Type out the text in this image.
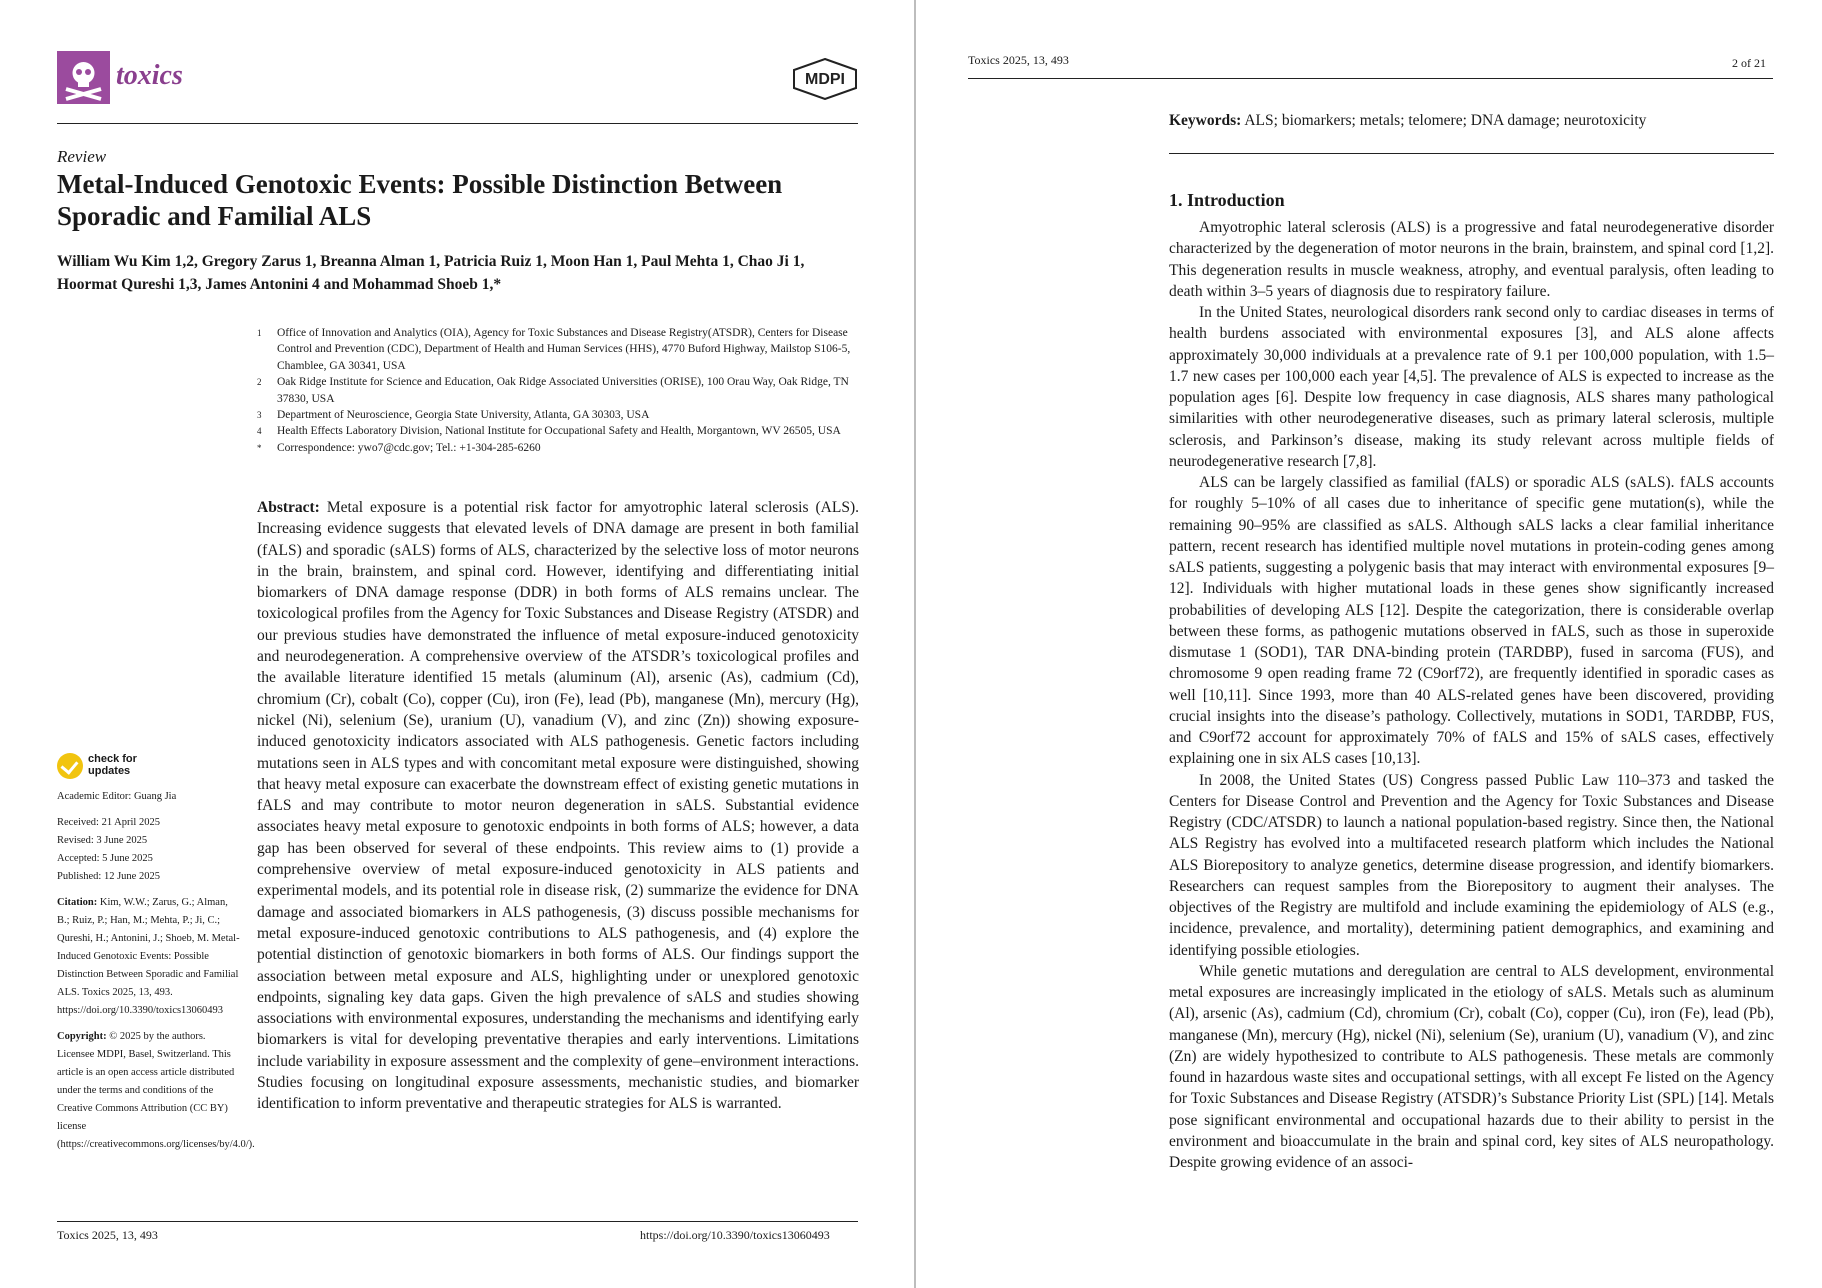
toxics	MDPI
Review
Metal-Induced Genotoxic Events: Possible Distinction Between Sporadic and Familial ALS
William Wu Kim 1,2, Gregory Zarus 1, Breanna Alman 1, Patricia Ruiz 1, Moon Han 1, Paul Mehta 1, Chao Ji 1,
Hoormat Qureshi 1,3, James Antonini 4 and Mohammad Shoeb 1,*
1	Office of Innovation and Analytics (OIA), Agency for Toxic Substances and Disease Registry(ATSDR), Centers for Disease Control and Prevention (CDC), Department of Health and Human Services (HHS), 4770 Buford Highway, Mailstop S106-5, Chamblee, GA 30341, USA
2	Oak Ridge Institute for Science and Education, Oak Ridge Associated Universities (ORISE), 100 Orau Way, Oak Ridge, TN 37830, USA
3	Department of Neuroscience, Georgia State University, Atlanta, GA 30303, USA
4	Health Effects Laboratory Division, National Institute for Occupational Safety and Health, Morgantown, WV 26505, USA
*	Correspondence: ywo7@cdc.gov; Tel.: +1-304-285-6260
Abstract: Metal exposure is a potential risk factor for amyotrophic lateral sclerosis (ALS). Increasing evidence suggests that elevated levels of DNA damage are present in both familial (fALS) and sporadic (sALS) forms of ALS, characterized by the selective loss of motor neurons in the brain, brainstem, and spinal cord. However, identifying and differentiating initial biomarkers of DNA damage response (DDR) in both forms of ALS remains unclear. The toxicological profiles from the Agency for Toxic Substances and Disease Registry (ATSDR) and our previous studies have demonstrated the influence of metal exposure-induced genotoxicity and neurodegeneration. A comprehensive overview of the ATSDR’s toxicological profiles and the available literature identified 15 metals (aluminum (Al), arsenic (As), cadmium (Cd), chromium (Cr), cobalt (Co), copper (Cu), iron (Fe), lead (Pb), manganese (Mn), mercury (Hg), nickel (Ni), selenium (Se), uranium (U), vanadium (V), and zinc (Zn)) showing exposure-induced genotoxicity indicators associated with ALS pathogenesis. Genetic factors including mutations seen in ALS types and with concomitant metal exposure were distinguished, showing that heavy metal exposure can exacerbate the downstream effect of existing genetic mutations in fALS and may contribute to motor neuron degeneration in sALS. Substantial evidence associates heavy metal exposure to genotoxic endpoints in both forms of ALS; however, a data gap has been observed for several of these endpoints. This review aims to (1) provide a comprehensive overview of metal exposure-induced genotoxicity in ALS patients and experimental models, and its potential role in disease risk, (2) summarize the evidence for DNA damage and associated biomarkers in ALS pathogenesis, (3) discuss possible mechanisms for metal exposure-induced genotoxic contributions to ALS pathogenesis, and (4) explore the potential distinction of genotoxic biomarkers in both forms of ALS. Our findings support the association between metal exposure and ALS, highlighting under or unexplored genotoxic endpoints, signaling key data gaps. Given the high prevalence of sALS and studies showing associations with environmental exposures, understanding the mechanisms and identifying early biomarkers is vital for developing preventative therapies and early interventions. Limitations include variability in exposure assessment and the complexity of gene–environment interactions. Studies focusing on longitudinal exposure assessments, mechanistic studies, and biomarker identification to inform preventative and therapeutic strategies for ALS is warranted.
check for
updates

Academic Editor: Guang Jia

Received: 21 April 2025
Revised: 3 June 2025
Accepted: 5 June 2025

Published: 12 June 2025

Citation: Kim, W.W.; Zarus, G.; Alman, B.; Ruiz, P.; Han, M.; Mehta, P.; Ji, C.; Qureshi, H.; Antonini, J.; Shoeb, M. Metal-Induced Genotoxic Events: Possible Distinction Between Sporadic and Familial ALS. Toxics 2025, 13, 493. https://doi.org/10.3390/toxics13060493

Copyright: © 2025 by the authors. Licensee MDPI, Basel, Switzerland. This article is an open access article distributed under the terms and conditions of the Creative Commons Attribution (CC BY) license (https://creativecommons.org/licenses/by/4.0/).

Toxics 2025, 13, 493	https://doi.org/10.3390/toxics13060493
Toxics 2025, 13, 493	2 of 21
Keywords: ALS; biomarkers; metals; telomere; DNA damage; neurotoxicity
1. Introduction

Amyotrophic lateral sclerosis (ALS) is a progressive and fatal neurodegenerative disorder characterized by the degeneration of motor neurons in the brain, brainstem, and spinal cord [1,2]. This degeneration results in muscle weakness, atrophy, and eventual paralysis, often leading to death within 3–5 years of diagnosis due to respiratory failure.

In the United States, neurological disorders rank second only to cardiac diseases in terms of health burdens associated with environmental exposures [3], and ALS alone affects approximately 30,000 individuals at a prevalence rate of 9.1 per 100,000 population, with 1.5–1.7 new cases per 100,000 each year [4,5]. The prevalence of ALS is expected to increase as the population ages [6]. Despite low frequency in case diagnosis, ALS shares many pathological similarities with other neurodegenerative diseases, such as primary lateral sclerosis, multiple sclerosis, and Parkinson’s disease, making its study relevant across multiple fields of neurodegenerative research [7,8].

ALS can be largely classified as familial (fALS) or sporadic ALS (sALS). fALS accounts for roughly 5–10% of all cases due to inheritance of specific gene mutation(s), while the remaining 90–95% are classified as sALS. Although sALS lacks a clear familial inheritance pattern, recent research has identified multiple novel mutations in protein-coding genes among sALS patients, suggesting a polygenic basis that may interact with environmental exposures [9–12]. Individuals with higher mutational loads in these genes show significantly increased probabilities of developing ALS [12]. Despite the categorization, there is considerable overlap between these forms, as pathogenic mutations observed in fALS, such as those in superoxide dismutase 1 (SOD1), TAR DNA-binding protein (TARDBP), fused in sarcoma (FUS), and chromosome 9 open reading frame 72 (C9orf72), are frequently identified in sporadic cases as well [10,11]. Since 1993, more than 40 ALS-related genes have been discovered, providing crucial insights into the disease’s pathology. Collectively, mutations in SOD1, TARDBP, FUS, and C9orf72 account for approximately 70% of fALS and 15% of sALS cases, effectively explaining one in six ALS cases [10,13].

In 2008, the United States (US) Congress passed Public Law 110–373 and tasked the Centers for Disease Control and Prevention and the Agency for Toxic Substances and Disease Registry (CDC/ATSDR) to launch a national population-based registry. Since then, the National ALS Registry has evolved into a multifaceted research platform which includes the National ALS Biorepository to analyze genetics, determine disease progression, and identify biomarkers. Researchers can request samples from the Biorepository to augment their analyses. The objectives of the Registry are multifold and include examining the epidemiology of ALS (e.g., incidence, prevalence, and mortality), determining patient demographics, and examining and identifying possible etiologies.

While genetic mutations and deregulation are central to ALS development, environmental metal exposures are increasingly implicated in the etiology of sALS. Metals such as aluminum (Al), arsenic (As), cadmium (Cd), chromium (Cr), cobalt (Co), copper (Cu), iron (Fe), lead (Pb), manganese (Mn), mercury (Hg), nickel (Ni), selenium (Se), uranium (U), vanadium (V), and zinc (Zn) are widely hypothesized to contribute to ALS pathogenesis. These metals are commonly found in hazardous waste sites and occupational settings, with all except Fe listed on the Agency for Toxic Substances and Disease Registry (ATSDR)’s Substance Priority List (SPL) [14]. Metals pose significant environmental and occupational hazards due to their ability to persist in the environment and bioaccumulate in the brain and spinal cord, key sites of ALS neuropathology. Despite growing evidence of an associ-
